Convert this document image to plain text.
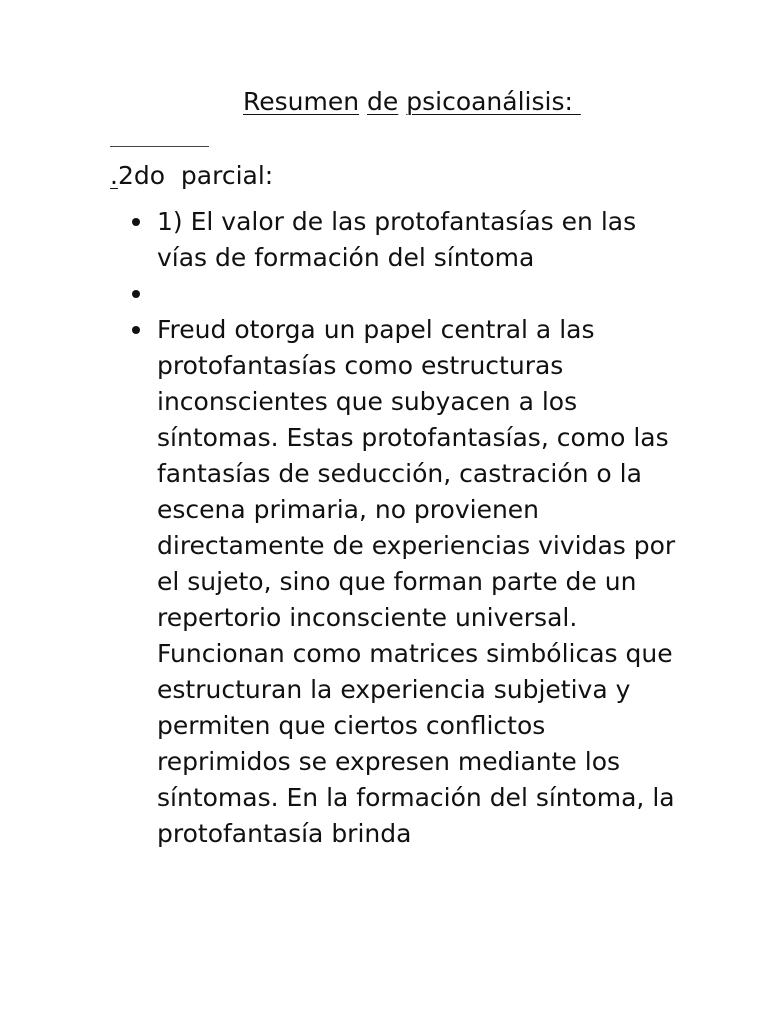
Resumen de psicoanálisis:
.2do  parcial:
1) El valor de las protofantasías en las vías de formación del síntoma
Freud otorga un papel central a las protofantasías como estructuras inconscientes que subyacen a los síntomas. Estas protofantasías, como las fantasías de seducción, castración o la escena primaria, no provienen directamente de experiencias vividas por el sujeto, sino que forman parte de un repertorio inconsciente universal. Funcionan como matrices simbólicas que estructuran la experiencia subjetiva y permiten que ciertos conflictos reprimidos se expresen mediante los síntomas. En la formación del síntoma, la protofantasía brinda
